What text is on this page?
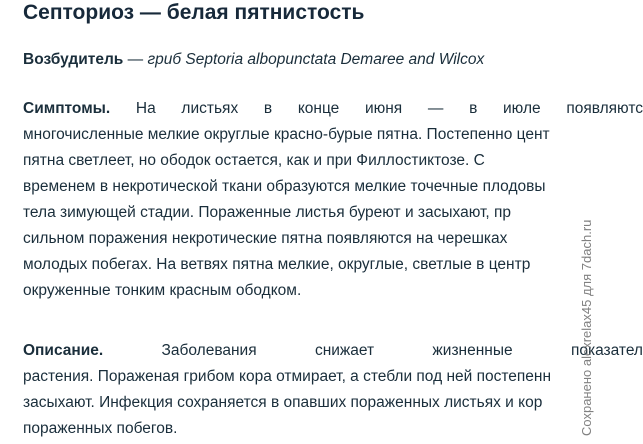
Септориоз — белая пятнистость

Возбудитель — гриб Septoria albopunctata Demaree and Wilcox

Симптомы. На листьях в конце июня — в июле появляютс
многочисленные мелкие округлые красно-бурые пятна. Постепенно цент
пятна светлеет, но ободок остается, как и при Филлостиктозе. С
временем в некротической ткани образуются мелкие точечные плодовы
тела зимующей стадии. Пораженные листья буреют и засыхают, пр
сильном поражения некротические пятна появляются на черешках
молодых побегах. На ветвях пятна мелкие, округлые, светлые в центр
окруженные тонким красным ободком.
Описание.	Заболевания	снижает	жизненные	показател
растения. Пораженая грибом кора отмирает, а стебли под ней постепенн
засыхают. Инфекция сохраняется в опавших пораженных листьях и кор
пораженных побегов.	Сохранено alexrelax45 для 7dach.ru
